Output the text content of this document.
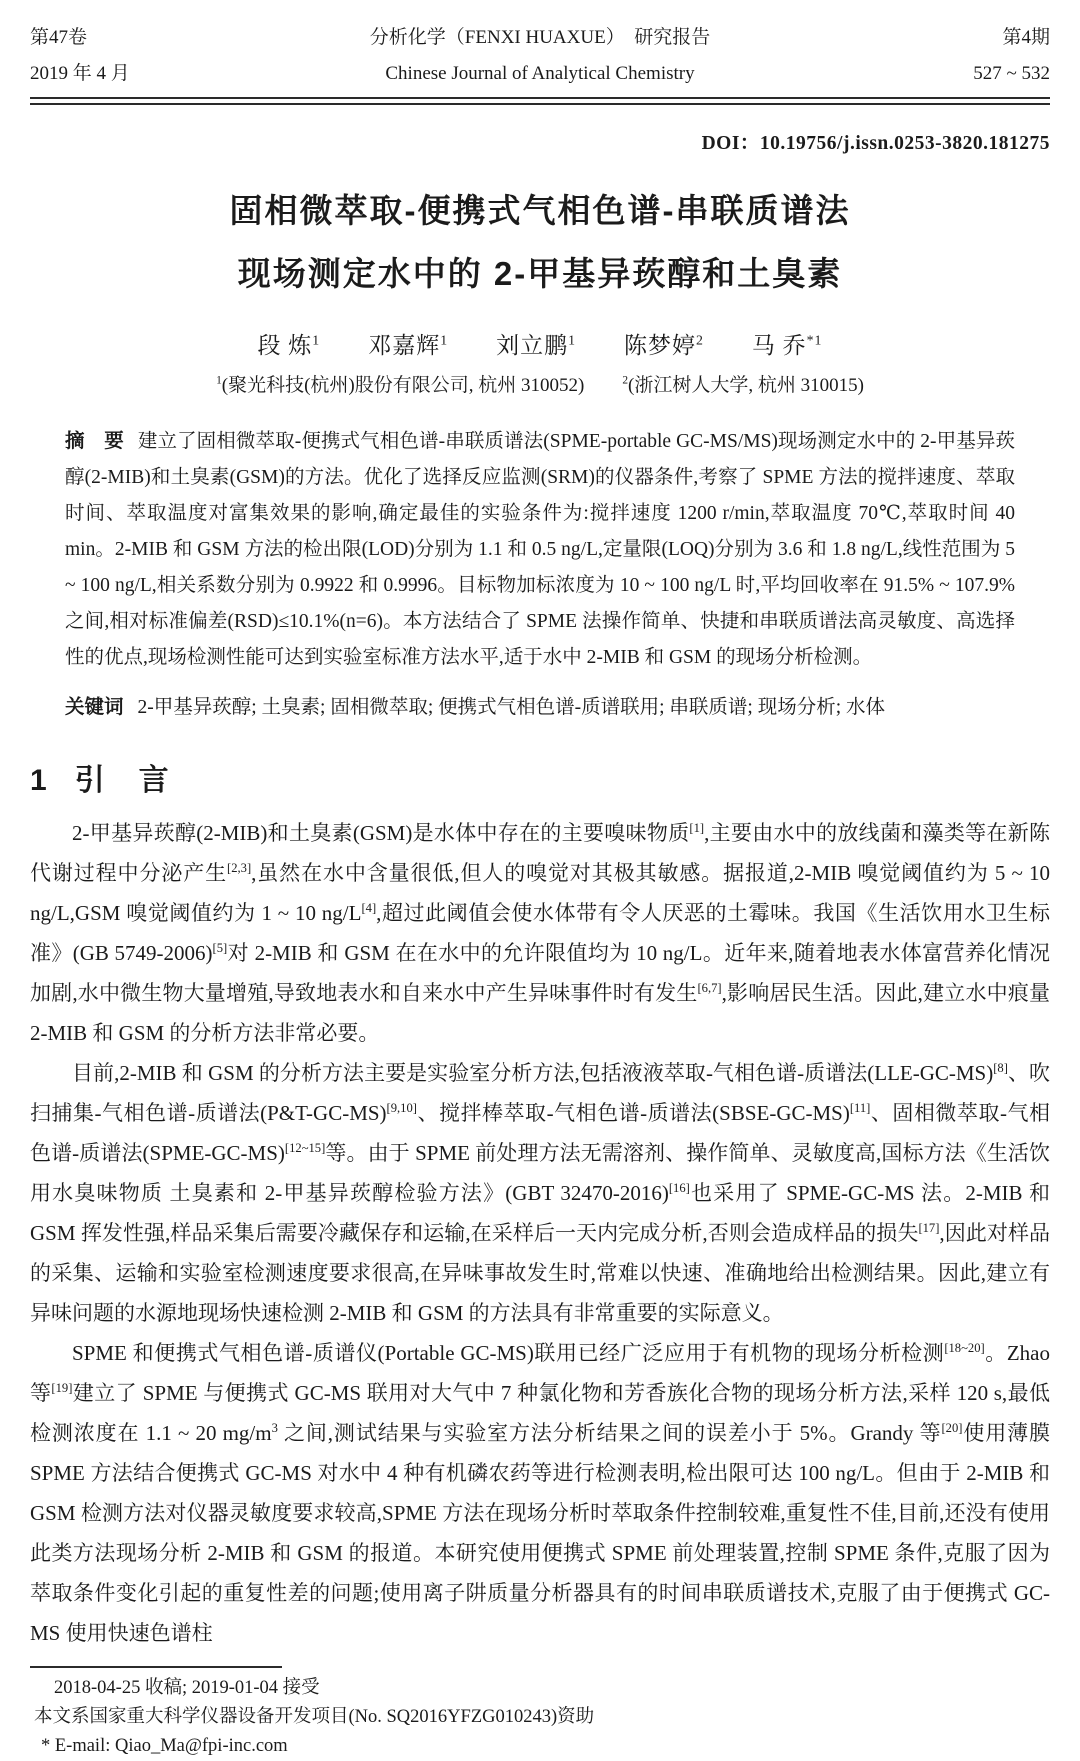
第47卷	分析化学（FENXI HUAXUE）　研究报告	第4期
2019 年 4 月	Chinese Journal of Analytical Chemistry	527 ~ 532
DOI：10.19756/j.issn.0253-3820.181275
固相微萃取-便携式气相色谱-串联质谱法
现场测定水中的 2-甲基异莰醇和土臭素
段 炼$^1$　　邓嘉辉$^1$　　刘立鹏$^1$　　陈梦婷$^2$　　马 乔$^{*1}$
$^1$(聚光科技(杭州)股份有限公司, 杭州 310052)　　$^2$(浙江树人大学, 杭州 310015)
摘　要 建立了固相微萃取-便携式气相色谱-串联质谱法(SPME-portable GC-MS/MS)现场测定水中的 2-甲基异莰醇(2-MIB)和土臭素(GSM)的方法。优化了选择反应监测(SRM)的仪器条件,考察了 SPME 方法的搅拌速度、萃取时间、萃取温度对富集效果的影响,确定最佳的实验条件为:搅拌速度 1200 r/min,萃取温度 70℃,萃取时间 40 min。2-MIB 和 GSM 方法的检出限(LOD)分别为 1.1 和 0.5 ng/L,定量限(LOQ)分别为 3.6 和 1.8 ng/L,线性范围为 5 ~ 100 ng/L,相关系数分别为 0.9922 和 0.9996。目标物加标浓度为 10 ~ 100 ng/L 时,平均回收率在 91.5% ~ 107.9% 之间,相对标准偏差(RSD)≤10.1%(n=6)。本方法结合了 SPME 法操作简单、快捷和串联质谱法高灵敏度、高选择性的优点,现场检测性能可达到实验室标准方法水平,适于水中 2-MIB 和 GSM 的现场分析检测。
关键词 2-甲基异莰醇; 土臭素; 固相微萃取; 便携式气相色谱-质谱联用; 串联质谱; 现场分析; 水体
1 引　言

2-甲基异莰醇(2-MIB)和土臭素(GSM)是水体中存在的主要嗅味物质[1],主要由水中的放线菌和藻类等在新陈代谢过程中分泌产生[2,3],虽然在水中含量很低,但人的嗅觉对其极其敏感。据报道,2-MIB 嗅觉阈值约为 5 ~ 10 ng/L,GSM 嗅觉阈值约为 1 ~ 10 ng/L[4],超过此阈值会使水体带有令人厌恶的土霉味。我国《生活饮用水卫生标准》(GB 5749-2006)[5]对 2-MIB 和 GSM 在在水中的允许限值均为 10 ng/L。近年来,随着地表水体富营养化情况加剧,水中微生物大量增殖,导致地表水和自来水中产生异味事件时有发生[6,7],影响居民生活。因此,建立水中痕量 2-MIB 和 GSM 的分析方法非常必要。

目前,2-MIB 和 GSM 的分析方法主要是实验室分析方法,包括液液萃取-气相色谱-质谱法(LLE-GC-MS)[8]、吹扫捕集-气相色谱-质谱法(P&T-GC-MS)[9,10]、搅拌棒萃取-气相色谱-质谱法(SBSE-GC-MS)[11]、固相微萃取-气相色谱-质谱法(SPME-GC-MS)[12~15]等。由于 SPME 前处理方法无需溶剂、操作简单、灵敏度高,国标方法《生活饮用水臭味物质 土臭素和 2-甲基异莰醇检验方法》(GBT 32470-2016)[16]也采用了 SPME-GC-MS 法。2-MIB 和 GSM 挥发性强,样品采集后需要冷藏保存和运输,在采样后一天内完成分析,否则会造成样品的损失[17],因此对样品的采集、运输和实验室检测速度要求很高,在异味事故发生时,常难以快速、准确地给出检测结果。因此,建立有异味问题的水源地现场快速检测 2-MIB 和 GSM 的方法具有非常重要的实际意义。

SPME 和便携式气相色谱-质谱仪(Portable GC-MS)联用已经广泛应用于有机物的现场分析检测[18~20]。Zhao 等[19]建立了 SPME 与便携式 GC-MS 联用对大气中 7 种氯化物和芳香族化合物的现场分析方法,采样 120 s,最低检测浓度在 1.1 ~ 20 $mg/m^3$ 之间,测试结果与实验室方法分析结果之间的误差小于 5%。Grandy 等[20]使用薄膜 SPME 方法结合便携式 GC-MS 对水中 4 种有机磷农药等进行检测表明,检出限可达 100 ng/L。但由于 2-MIB 和 GSM 检测方法对仪器灵敏度要求较高,SPME 方法在现场分析时萃取条件控制较难,重复性不佳,目前,还没有使用此类方法现场分析 2-MIB 和 GSM 的报道。本研究使用便携式 SPME 前处理装置,控制 SPME 条件,克服了因为萃取条件变化引起的重复性差的问题;使用离子阱质量分析器具有的时间串联质谱技术,克服了由于便携式 GC-MS 使用快速色谱柱

2018-04-25 收稿; 2019-01-04 接受
本文系国家重大科学仪器设备开发项目(No. SQ2016YFZG010243)资助
* E-mail: Qiao_Ma@fpi-inc.com
